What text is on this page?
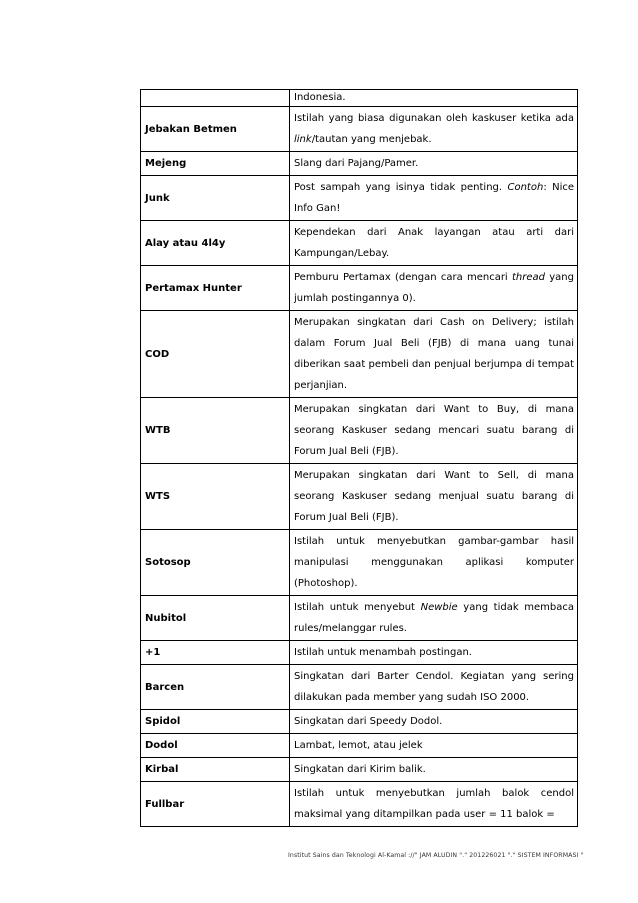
	Indonesia.
Jebakan Betmen	Istilah yang biasa digunakan oleh kaskuser ketika ada link/tautan yang menjebak.
Mejeng	Slang dari Pajang/Pamer.
Junk	Post sampah yang isinya tidak penting. Contoh: Nice Info Gan!
Alay atau 4l4y	Kependekan dari Anak layangan atau arti dari Kampungan/Lebay.
Pertamax Hunter	Pemburu Pertamax (dengan cara mencari thread yang jumlah postingannya 0).
COD	Merupakan singkatan dari Cash on Delivery; istilah dalam Forum Jual Beli (FJB) di mana uang tunai diberikan saat pembeli dan penjual berjumpa di tempat perjanjian.
WTB	Merupakan singkatan dari Want to Buy, di mana seorang Kaskuser sedang mencari suatu barang di Forum Jual Beli (FJB).
WTS	Merupakan singkatan dari Want to Sell, di mana seorang Kaskuser sedang menjual suatu barang di Forum Jual Beli (FJB).
Sotosop	Istilah untuk menyebutkan gambar-gambar hasil manipulasi menggunakan aplikasi komputer (Photoshop).
Nubitol	Istilah untuk menyebut Newbie yang tidak membaca rules/melanggar rules.
+1	Istilah untuk menambah postingan.
Barcen	Singkatan dari Barter Cendol. Kegiatan yang sering dilakukan pada member yang sudah ISO 2000.
Spidol	Singkatan dari Speedy Dodol.
Dodol	Lambat, lemot, atau jelek
Kirbal	Singkatan dari Kirim balik.
Fullbar	Istilah untuk menyebutkan jumlah balok cendol maksimal yang ditampilkan pada user = 11 balok =
Institut Sains dan Teknologi Al-Kamal ://" JAM ALUDIN "." 201226021 "." SISTEM INFORMASI "
